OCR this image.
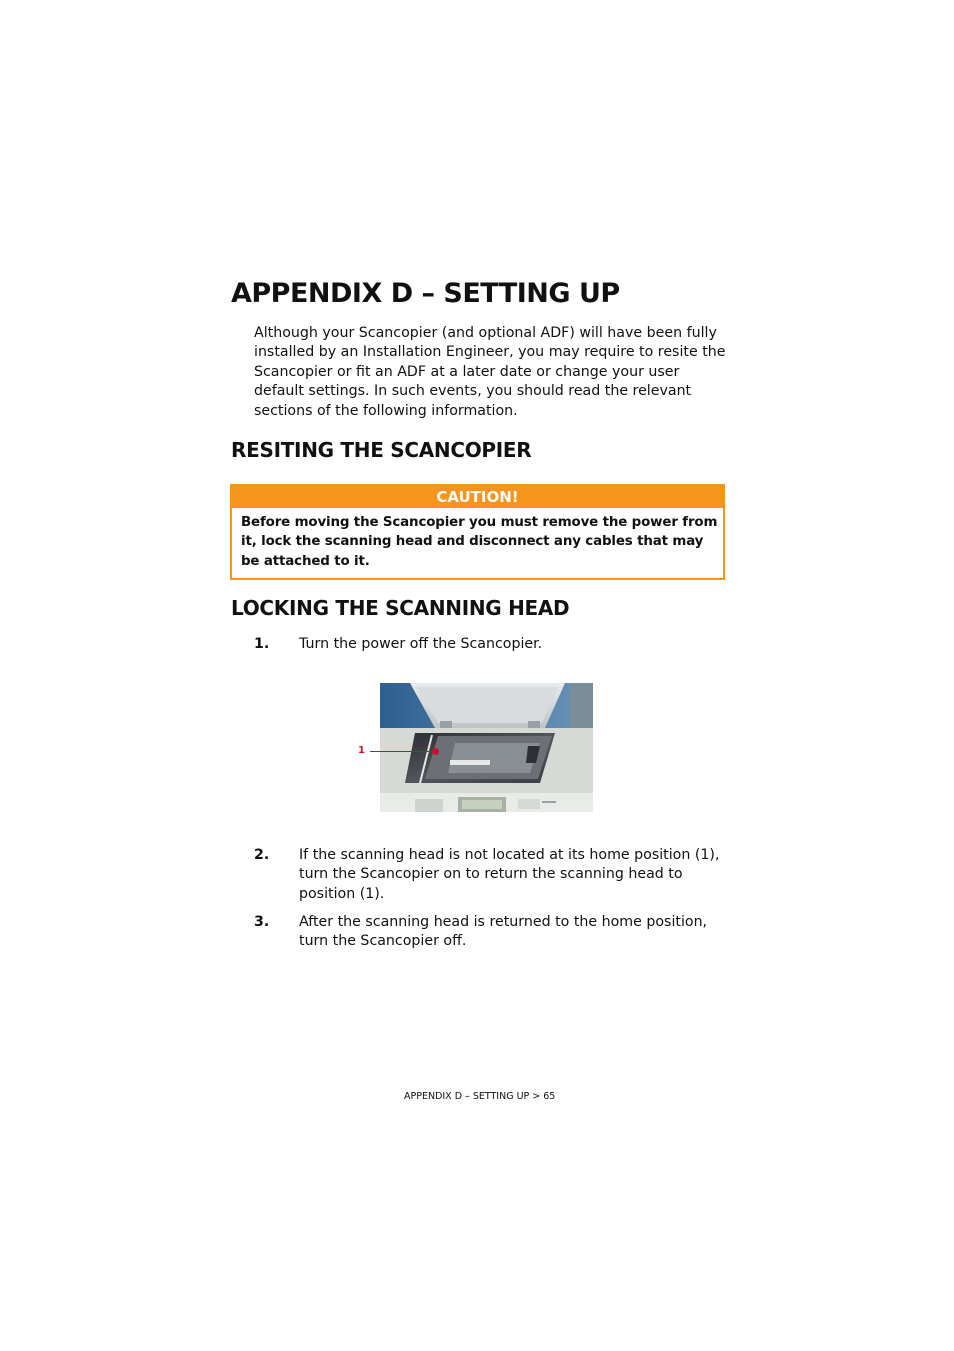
APPENDIX D – SETTING UP

Although your Scancopier (and optional ADF) will have been fully installed by an Installation Engineer, you may require to resite the Scancopier or fit an ADF at a later date or change your user default settings. In such events, you should read the relevant sections of the following information.

RESITING THE SCANCOPIER
CAUTION!
Before moving the Scancopier you must remove the power from it, lock the scanning head and disconnect any cables that may be attached to it.
LOCKING THE SCANNING HEAD
1. Turn the power off the Scancopier.
1
2. If the scanning head is not located at its home position (1), turn the Scancopier on to return the scanning head to position (1).
3. After the scanning head is returned to the home position, turn the Scancopier off.
APPENDIX D – SETTING UP > 65
